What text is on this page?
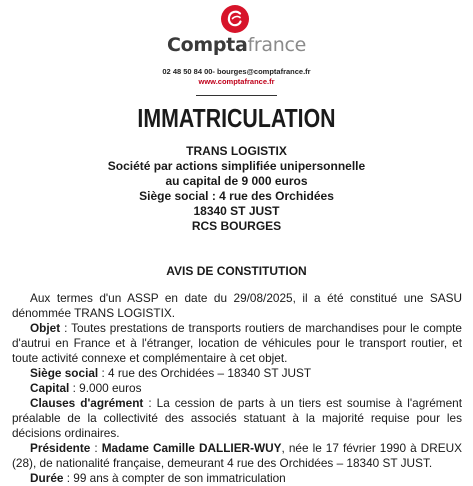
Comptafrance
02 48 50 84 00- bourges@comptafrance.fr
www.comptafrance.fr
IMMATRICULATION
TRANS LOGISTIX
Société par actions simplifiée unipersonnelle
au capital de 9 000 euros
Siège social : 4 rue des Orchidées
18340 ST JUST
RCS BOURGES
AVIS DE CONSTITUTION

Aux termes d'un ASSP en date du 29/08/2025, il a été constitué une SASU dénommée TRANS LOGISTIX.

Objet : Toutes prestations de transports routiers de marchandises pour le compte d'autrui en France et à l'étranger, location de véhicules pour le transport routier, et toute activité connexe et complémentaire à cet objet.

Siège social : 4 rue des Orchidées – 18340 ST JUST

Capital : 9.000 euros

Clauses d'agrément : La cession de parts à un tiers est soumise à l'agrément préalable de la collectivité des associés statuant à la majorité requise pour les décisions ordinaires.

Présidente : Madame Camille DALLIER-WUY, née le 17 février 1990 à DREUX (28), de nationalité française, demeurant 4 rue des Orchidées – 18340 ST JUST.

Durée : 99 ans à compter de son immatriculation
